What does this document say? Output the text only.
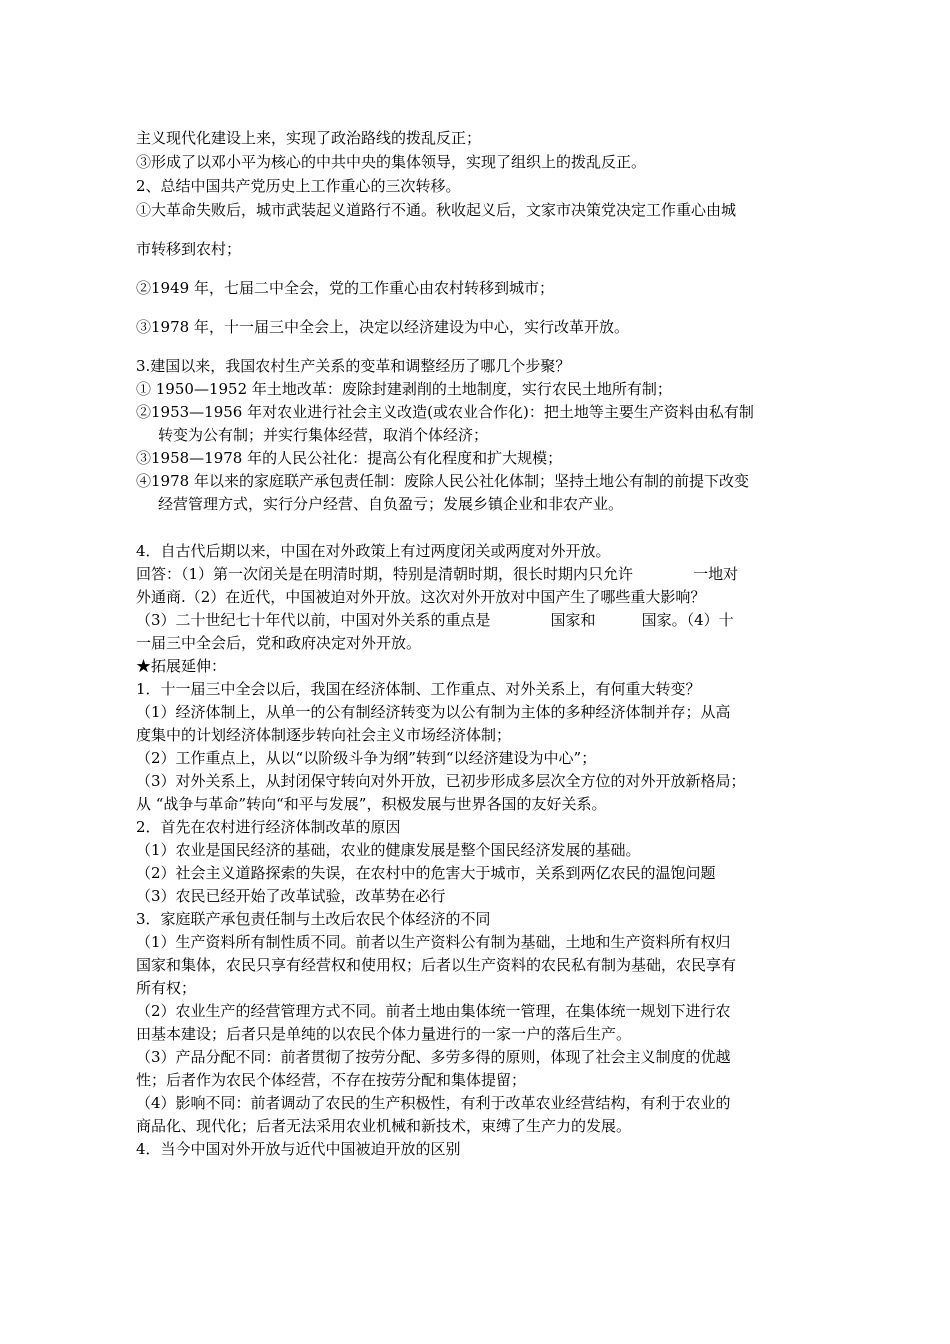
主义现代化建设上来，实现了政治路线的拨乱反正；
③形成了以邓小平为核心的中共中央的集体领导，实现了组织上的拨乱反正。
2、总结中国共产党历史上工作重心的三次转移。
①大革命失败后，城市武装起义道路行不通。秋收起义后，文家市决策党决定工作重心由城
市转移到农村；
②1949 年，七届二中全会，党的工作重心由农村转移到城市；
③1978 年，十一届三中全会上，决定以经济建设为中心，实行改革开放。
3.建国以来，我国农村生产关系的变革和调整经历了哪几个步聚？
① 1950—1952 年土地改革：废除封建剥削的土地制度，实行农民土地所有制；
②1953—1956 年对农业进行社会主义改造(或农业合作化)：把土地等主要生产资料由私有制
转变为公有制；并实行集体经营，取消个体经济；
③1958—1978 年的人民公社化：提高公有化程度和扩大规模；
④1978 年以来的家庭联产承包责任制：废除人民公社化体制；坚持土地公有制的前提下改变
经营管理方式，实行分户经营、自负盈亏；发展乡镇企业和非农产业。
4．自古代后期以来，中国在对外政策上有过两度闭关或两度对外开放。
回答：（1）第一次闭关是在明清时期，特别是清朝时期，很长时期内只允许	一地对
外通商.（2）在近代，中国被迫对外开放。这次对外开放对中国产生了哪些重大影响？
（3）二十世纪七十年代以前，中国对外关系的重点是	国家和	国家。（4）十
一届三中全会后，党和政府决定对外开放。
★拓展延伸：
1．十一届三中全会以后，我国在经济体制、工作重点、对外关系上，有何重大转变？
（1）经济体制上，从单一的公有制经济转变为以公有制为主体的多种经济体制并存；从高
度集中的计划经济体制逐步转向社会主义市场经济体制；
（2）工作重点上，从以“以阶级斗争为纲”转到“以经济建设为中心”；
（3）对外关系上，从封闭保守转向对外开放，已初步形成多层次全方位的对外开放新格局；
从 “战争与革命”转向“和平与发展”，积极发展与世界各国的友好关系。
2．首先在农村进行经济体制改革的原因
（1）农业是国民经济的基础，农业的健康发展是整个国民经济发展的基础。
（2）社会主义道路探索的失误，在农村中的危害大于城市，关系到两亿农民的温饱问题
（3）农民已经开始了改革试验，改革势在必行
3．家庭联产承包责任制与土改后农民个体经济的不同
（1）生产资料所有制性质不同。前者以生产资料公有制为基础，土地和生产资料所有权归
国家和集体，农民只享有经营权和使用权；后者以生产资料的农民私有制为基础，农民享有
所有权；
（2）农业生产的经营管理方式不同。前者土地由集体统一管理，在集体统一规划下进行农
田基本建设；后者只是单纯的以农民个体力量进行的一家一户的落后生产。
（3）产品分配不同：前者贯彻了按劳分配、多劳多得的原则，体现了社会主义制度的优越
性；后者作为农民个体经营，不存在按劳分配和集体提留；
（4）影响不同：前者调动了农民的生产积极性，有利于改革农业经营结构，有利于农业的
商品化、现代化；后者无法采用农业机械和新技术，束缚了生产力的发展。
4．当今中国对外开放与近代中国被迫开放的区别
